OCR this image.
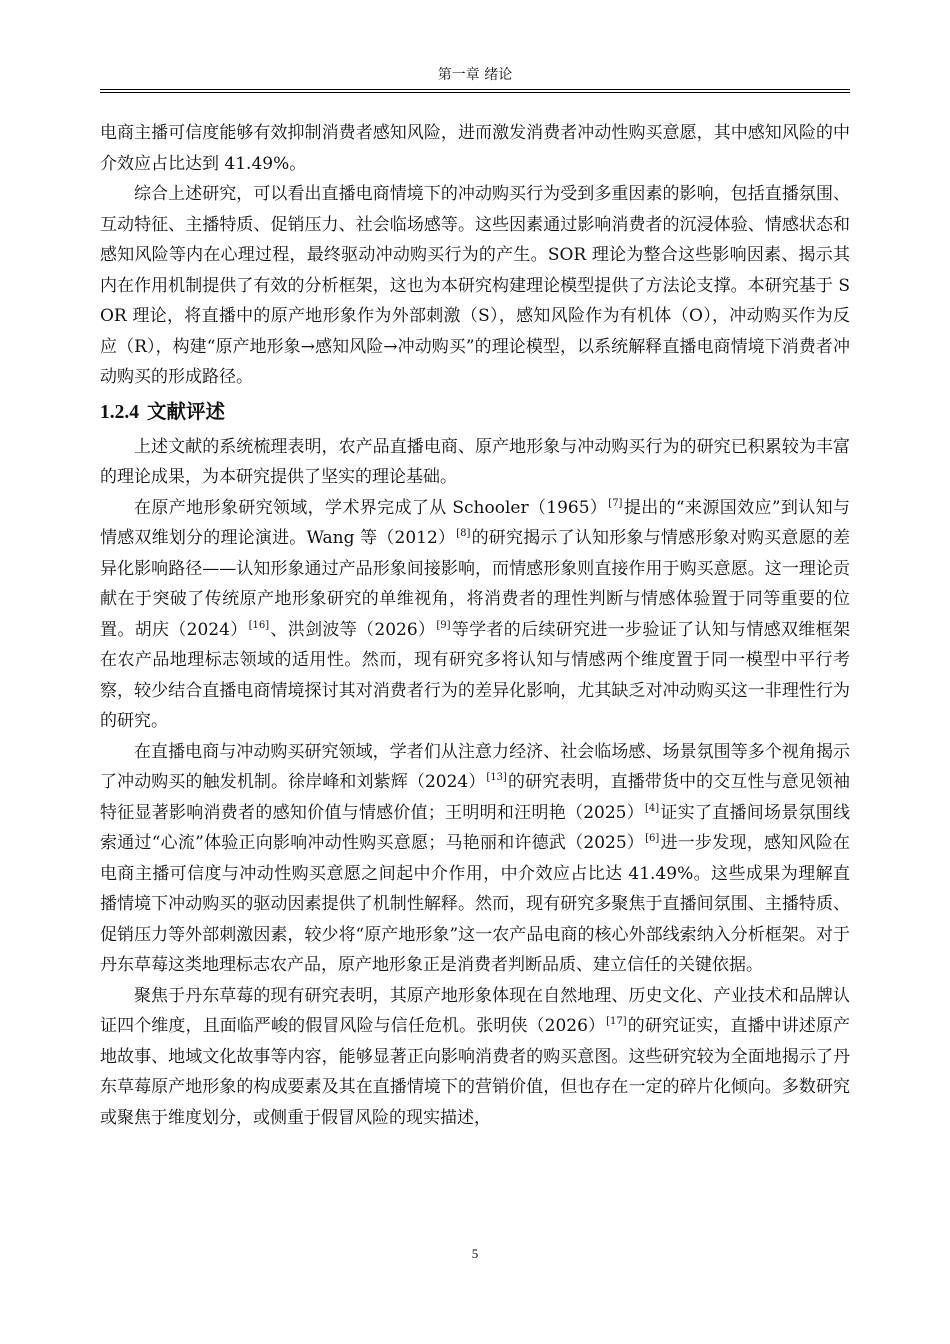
第一章 绪论

电商主播可信度能够有效抑制消费者感知风险，进而激发消费者冲动性购买意愿，其中感知风险的中介效应占比达到 41.49%。

综合上述研究，可以看出直播电商情境下的冲动购买行为受到多重因素的影响，包括直播氛围、互动特征、主播特质、促销压力、社会临场感等。这些因素通过影响消费者的沉浸体验、情感状态和感知风险等内在心理过程，最终驱动冲动购买行为的产生。SOR 理论为整合这些影响因素、揭示其内在作用机制提供了有效的分析框架，这也为本研究构建理论模型提供了方法论支撑。本研究基于 SOR 理论，将直播中的原产地形象作为外部刺激（S），感知风险作为有机体（O），冲动购买作为反应（R），构建“原产地形象→感知风险→冲动购买”的理论模型，以系统解释直播电商情境下消费者冲动购买的形成路径。

1.2.4 文献评述

上述文献的系统梳理表明，农产品直播电商、原产地形象与冲动购买行为的研究已积累较为丰富的理论成果，为本研究提供了坚实的理论基础。

在原产地形象研究领域，学术界完成了从 Schooler（1965）[7]提出的“来源国效应”到认知与情感双维划分的理论演进。Wang 等（2012）[8]的研究揭示了认知形象与情感形象对购买意愿的差异化影响路径——认知形象通过产品形象间接影响，而情感形象则直接作用于购买意愿。这一理论贡献在于突破了传统原产地形象研究的单维视角，将消费者的理性判断与情感体验置于同等重要的位置。胡庆（2024）[16]、洪剑波等（2026）[9]等学者的后续研究进一步验证了认知与情感双维框架在农产品地理标志领域的适用性。然而，现有研究多将认知与情感两个维度置于同一模型中平行考察，较少结合直播电商情境探讨其对消费者行为的差异化影响，尤其缺乏对冲动购买这一非理性行为的研究。

在直播电商与冲动购买研究领域，学者们从注意力经济、社会临场感、场景氛围等多个视角揭示了冲动购买的触发机制。徐岸峰和刘紫辉（2024）[13]的研究表明，直播带货中的交互性与意见领袖特征显著影响消费者的感知价值与情感价值；王明明和汪明艳（2025）[4]证实了直播间场景氛围线索通过“心流”体验正向影响冲动性购买意愿；马艳丽和许德武（2025）[6]进一步发现，感知风险在电商主播可信度与冲动性购买意愿之间起中介作用，中介效应占比达 41.49%。这些成果为理解直播情境下冲动购买的驱动因素提供了机制性解释。然而，现有研究多聚焦于直播间氛围、主播特质、促销压力等外部刺激因素，较少将“原产地形象”这一农产品电商的核心外部线索纳入分析框架。对于丹东草莓这类地理标志农产品，原产地形象正是消费者判断品质、建立信任的关键依据。

聚焦于丹东草莓的现有研究表明，其原产地形象体现在自然地理、历史文化、产业技术和品牌认证四个维度，且面临严峻的假冒风险与信任危机。张明侠（2026）[17]的研究证实，直播中讲述原产地故事、地域文化故事等内容，能够显著正向影响消费者的购买意图。这些研究较为全面地揭示了丹东草莓原产地形象的构成要素及其在直播情境下的营销价值，但也存在一定的碎片化倾向。多数研究或聚焦于维度划分，或侧重于假冒风险的现实描述，

5
